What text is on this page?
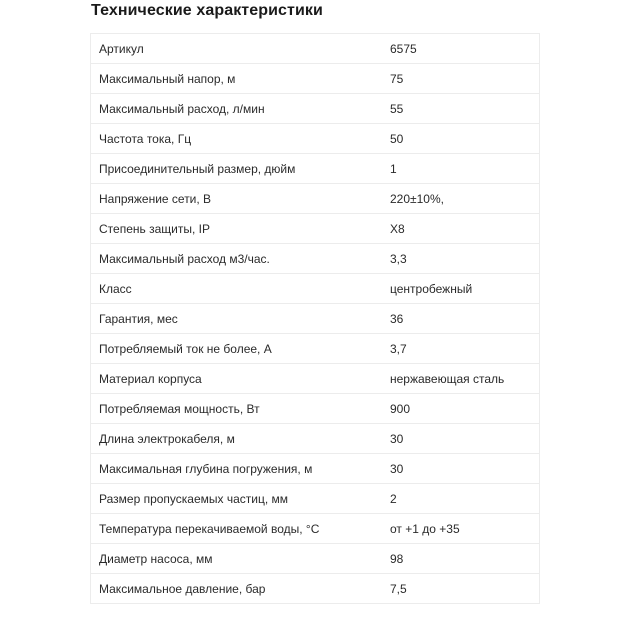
Технические характеристики
Артикул	6575
Максимальный напор, м	75
Максимальный расход, л/мин	55
Частота тока, Гц	50
Присоединительный размер, дюйм	1
Напряжение сети, В	220±10%,
Степень защиты, IP	X8
Максимальный расход м3/час.	3,3
Класс	центробежный
Гарантия, мес	36
Потребляемый ток не более, А	3,7
Материал корпуса	нержавеющая сталь
Потребляемая мощность, Вт	900
Длина электрокабеля, м	30
Максимальная глубина погружения, м	30
Размер пропускаемых частиц, мм	2
Температура перекачиваемой воды, °С	от +1 до +35
Диаметр насоса, мм	98
Максимальное давление, бар	7,5
